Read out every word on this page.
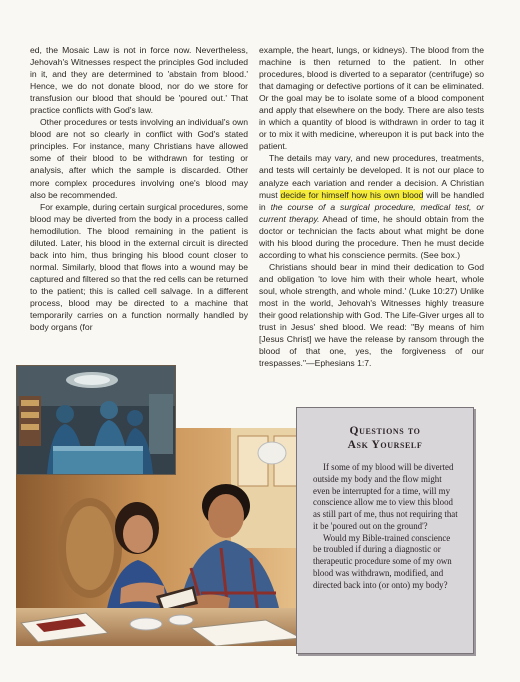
ed, the Mosaic Law is not in force now. Nevertheless, Jehovah's Witnesses respect the principles God included in it, and they are determined to 'abstain from blood.' Hence, we do not donate blood, nor do we store for transfusion our blood that should be 'poured out.' That practice conflicts with God's law.

Other procedures or tests involving an individual's own blood are not so clearly in conflict with God's stated principles. For instance, many Christians have allowed some of their blood to be withdrawn for testing or analysis, after which the sample is discarded. Other more complex procedures involving one's blood may also be recommended.

For example, during certain surgical procedures, some blood may be diverted from the body in a process called hemodilution. The blood remaining in the patient is diluted. Later, his blood in the external circuit is directed back into him, thus bringing his blood count closer to normal. Similarly, blood that flows into a wound may be captured and filtered so that the red cells can be returned to the patient; this is called cell salvage. In a different process, blood may be directed to a machine that temporarily carries on a function normally handled by body organs (for

example, the heart, lungs, or kidneys). The blood from the machine is then returned to the patient. In other procedures, blood is diverted to a separator (centrifuge) so that damaging or defective portions of it can be eliminated. Or the goal may be to isolate some of a blood component and apply that elsewhere on the body. There are also tests in which a quantity of blood is withdrawn in order to tag it or to mix it with medicine, whereupon it is put back into the patient.

The details may vary, and new procedures, treatments, and tests will certainly be developed. It is not our place to analyze each variation and render a decision. A Christian must decide for himself how his own blood will be handled in the course of a surgical procedure, medical test, or current therapy. Ahead of time, he should obtain from the doctor or technician the facts about what might be done with his blood during the procedure. Then he must decide according to what his conscience permits. (See box.)

Christians should bear in mind their dedication to God and obligation 'to love him with their whole heart, whole soul, whole strength, and whole mind.' (Luke 10:27) Unlike most in the world, Jehovah's Witnesses highly treasure their good relationship with God. The Life-Giver urges all to trust in Jesus' shed blood. We read: "By means of him [Jesus Christ] we have the release by ransom through the blood of that one, yes, the forgiveness of our trespasses."—Ephesians 1:7.

Questions to
Ask Yourself

If some of my blood will be diverted outside my body and the flow might even be interrupted for a time, will my conscience allow me to view this blood as still part of me, thus not requiring that it be 'poured out on the ground'?

Would my Bible-trained conscience be troubled if during a diagnostic or therapeutic procedure some of my own blood was withdrawn, modified, and directed back into (or onto) my body?
